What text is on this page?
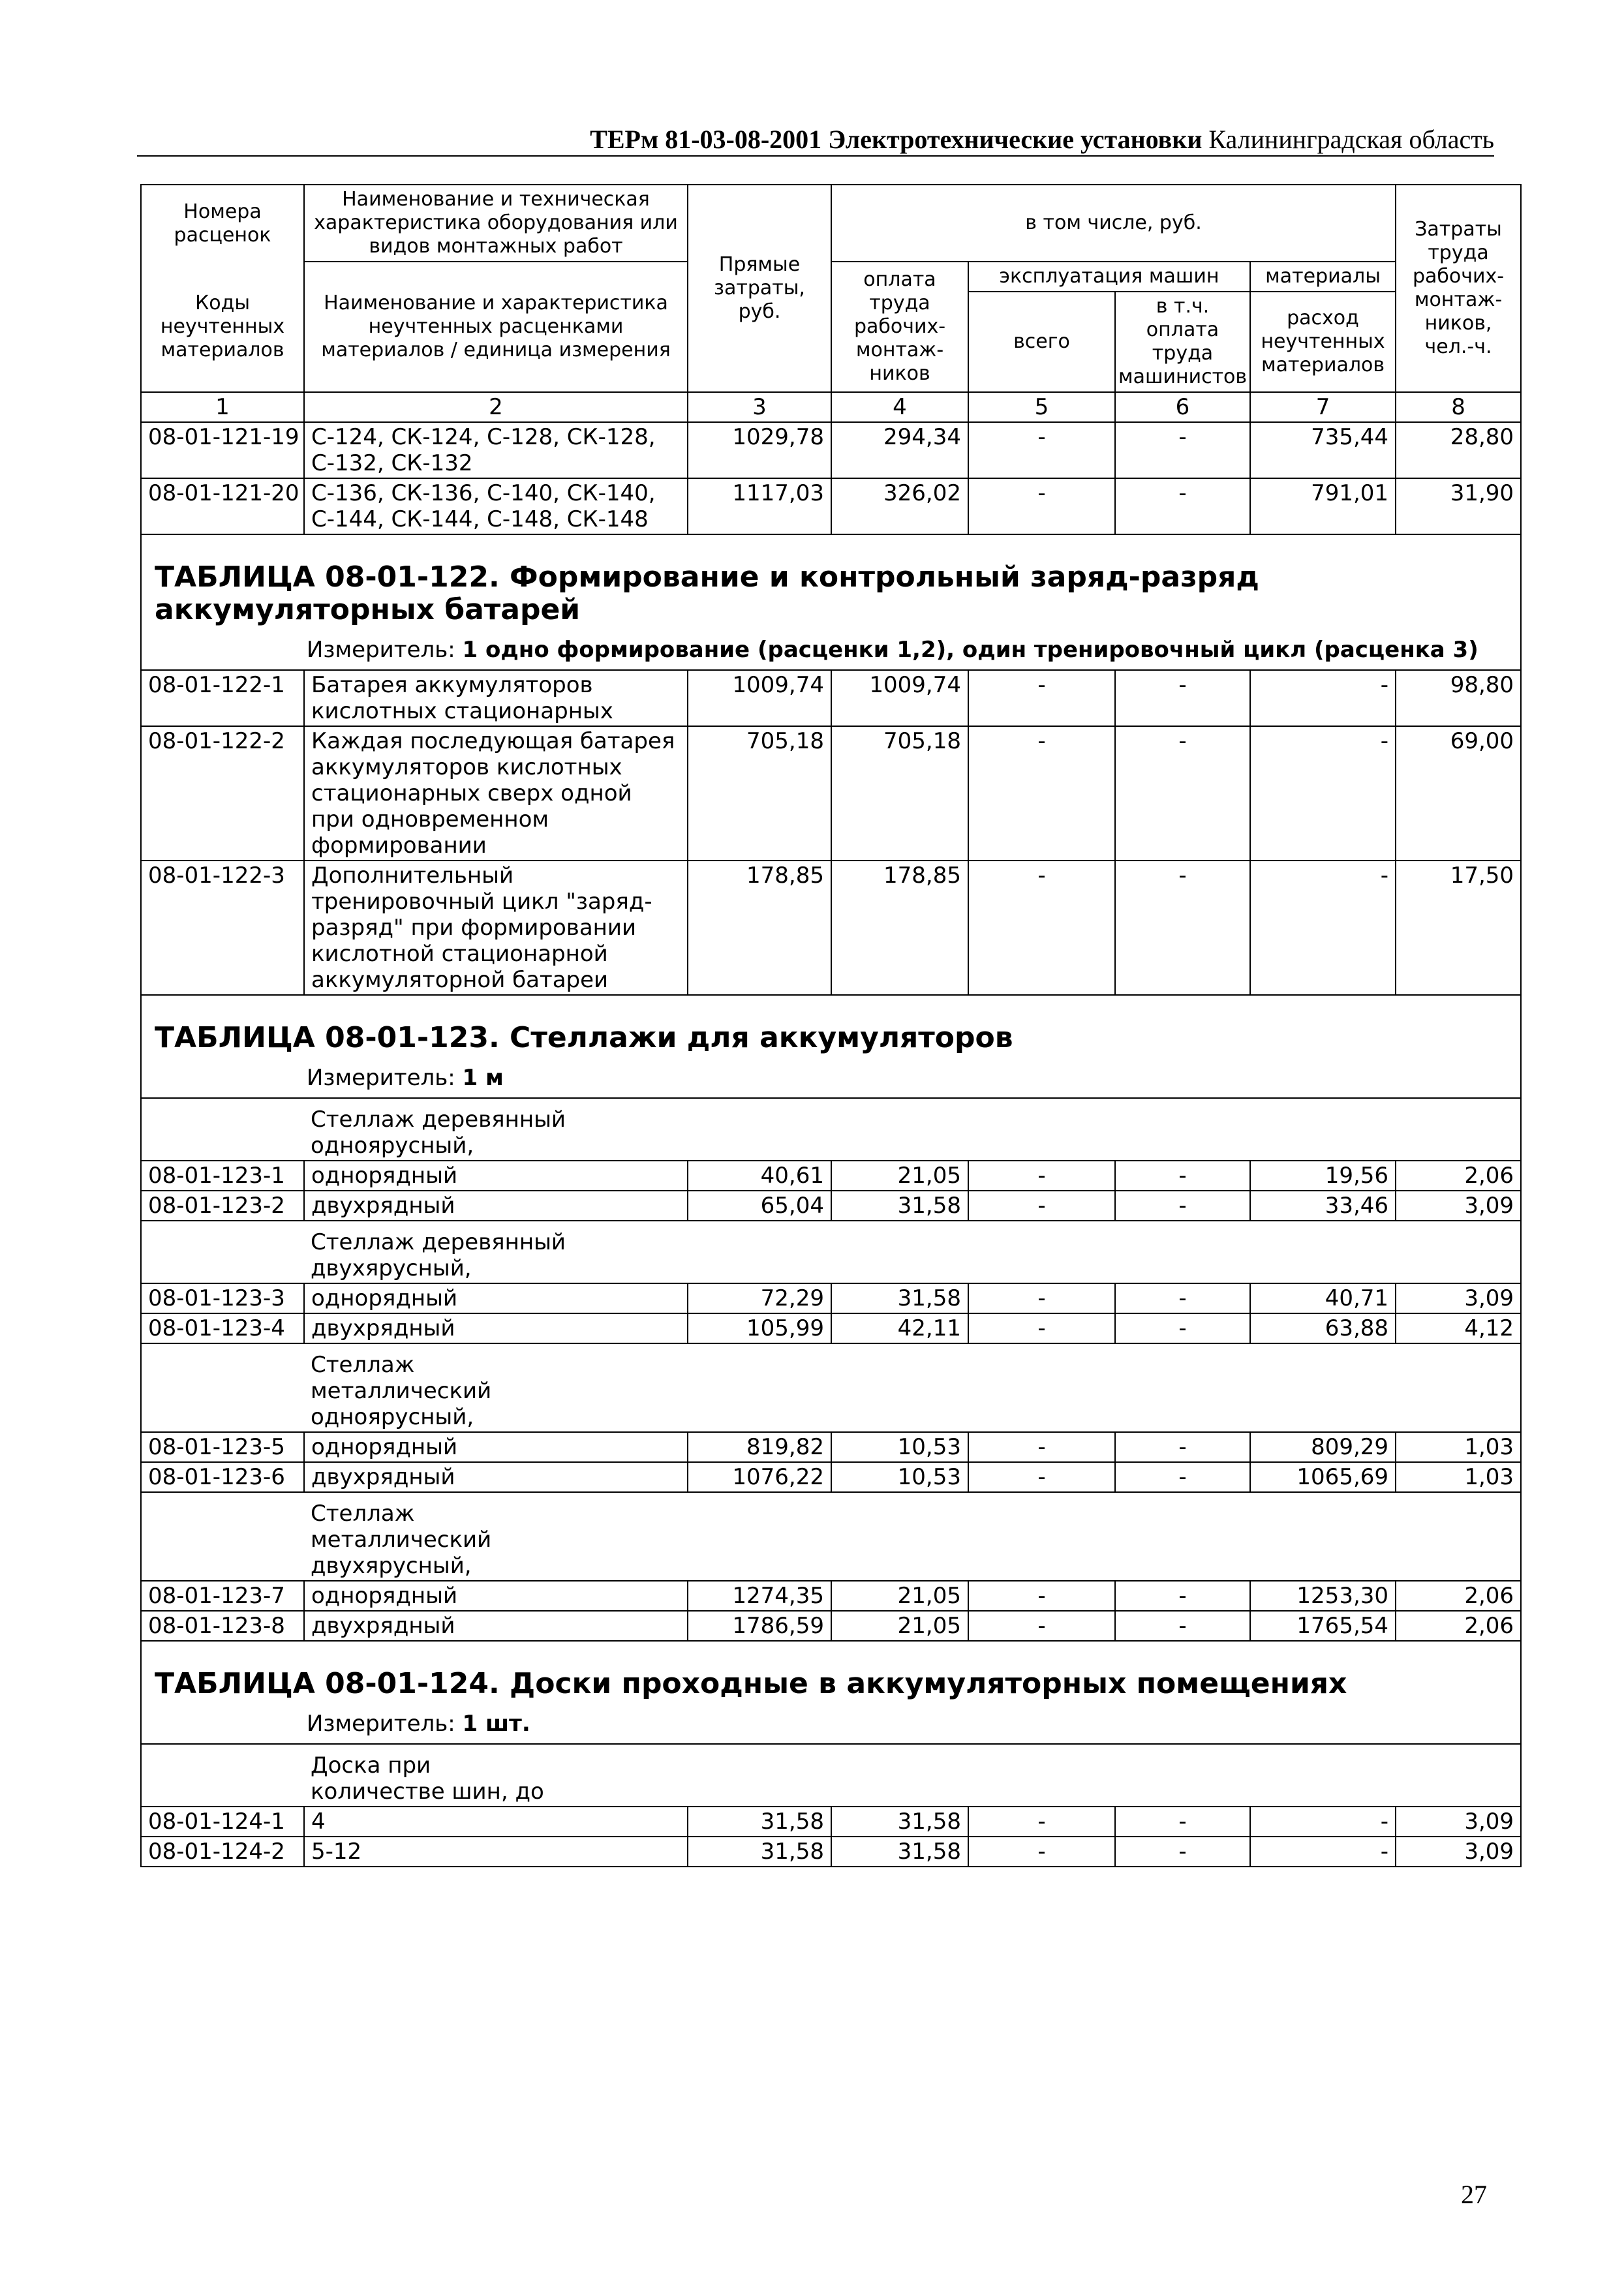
ТЕРм 81-03-08-2001 Электротехнические установки Калининградская область
Номера расценок	Наименование и техническая характеристика оборудования или видов монтажных работ	Прямые затраты, руб.	в том числе, руб.				Затраты труда рабочих-монтаж-ников, чел.-ч.
Коды неучтенных материалов	Наименование и характеристика неучтенных расценками материалов / единица измерения		оплата труда рабочих-монтаж-ников	эксплуатация машин		материалы	
				всего	в т.ч. оплата труда машинистов	расход неучтенных материалов	
1	2	3	4	5	6	7	8
08-01-121-19	С-124, СК-124, С-128, СК-128, С-132, СК-132	1029,78	294,34	-	-	735,44	28,80
08-01-121-20	С-136, СК-136, С-140, СК-140, С-144, СК-144, С-148, СК-148	1117,03	326,02	-	-	791,01	31,90

ТАБЛИЦА 08-01-122. Формирование и контрольный заряд-разряд аккумуляторных батарей
Измеритель: 1 одно формирование (расценки 1,2), один тренировочный цикл (расценка 3)							

08-01-122-1	Батарея аккумуляторов кислотных стационарных	1009,74	1009,74	-	-	-	98,80
08-01-122-2	Каждая последующая батарея аккумуляторов кислотных стационарных сверх одной при одновременном формировании	705,18	705,18	-	-	-	69,00
08-01-122-3	Дополнительный тренировочный цикл "заряд-разряд" при формировании кислотной стационарной аккумуляторной батареи	178,85	178,85	-	-	-	17,50

ТАБЛИЦА 08-01-123. Стеллажи для аккумуляторов
Измеритель: 1 м							

	Стеллаж деревянный одноярусный,						

08-01-123-1	однорядный	40,61	21,05	-	-	19,56	2,06
08-01-123-2	двухрядный	65,04	31,58	-	-	33,46	3,09

	Стеллаж деревянный двухярусный,						

08-01-123-3	однорядный	72,29	31,58	-	-	40,71	3,09
08-01-123-4	двухрядный	105,99	42,11	-	-	63,88	4,12

	Стеллаж металлический одноярусный,						

08-01-123-5	однорядный	819,82	10,53	-	-	809,29	1,03
08-01-123-6	двухрядный	1076,22	10,53	-	-	1065,69	1,03

	Стеллаж металлический двухярусный,						

08-01-123-7	однорядный	1274,35	21,05	-	-	1253,30	2,06
08-01-123-8	двухрядный	1786,59	21,05	-	-	1765,54	2,06

ТАБЛИЦА 08-01-124. Доски проходные в аккумуляторных помещениях
Измеритель: 1 шт.							

	Доска при количестве шин, до						

08-01-124-1	4	31,58	31,58	-	-	-	3,09
08-01-124-2	5-12	31,58	31,58	-	-	-	3,09
27
